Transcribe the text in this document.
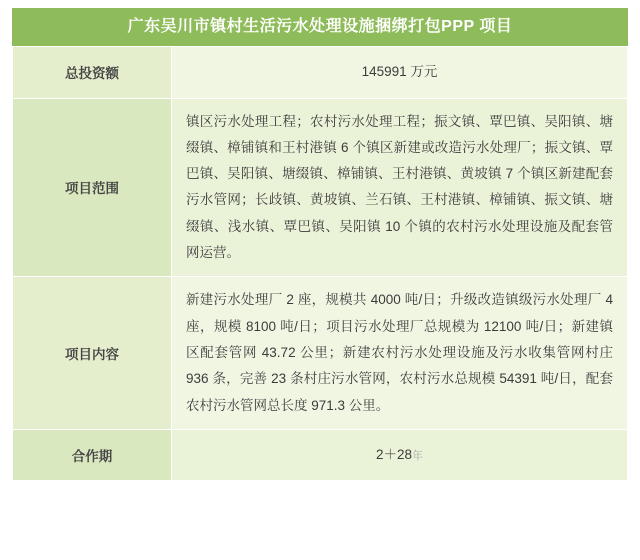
广东吴川市镇村生活污水处理设施捆绑打包PPP 项目
总投资额	145991 万元
项目范围	镇区污水处理工程；农村污水处理工程；振文镇、覃巴镇、吴阳镇、塘缀镇、樟铺镇和王村港镇 6 个镇区新建或改造污水处理厂；振文镇、覃巴镇、吴阳镇、塘缀镇、樟铺镇、王村港镇、黄坡镇 7 个镇区新建配套污水管网；长歧镇、黄坡镇、兰石镇、王村港镇、樟铺镇、振文镇、塘缀镇、浅水镇、覃巴镇、吴阳镇 10 个镇的农村污水处理设施及配套管网运营。
项目内容	新建污水处理厂 2 座，规模共 4000 吨/日；升级改造镇级污水处理厂 4 座，规模 8100 吨/日；项目污水处理厂总规模为 12100 吨/日；新建镇区配套管网 43.72 公里；新建农村污水处理设施及污水收集管网村庄 936 条，完善 23 条村庄污水管网，农村污水总规模 54391 吨/日，配套农村污水管网总长度 971.3 公里。
合作期	2＋28年
